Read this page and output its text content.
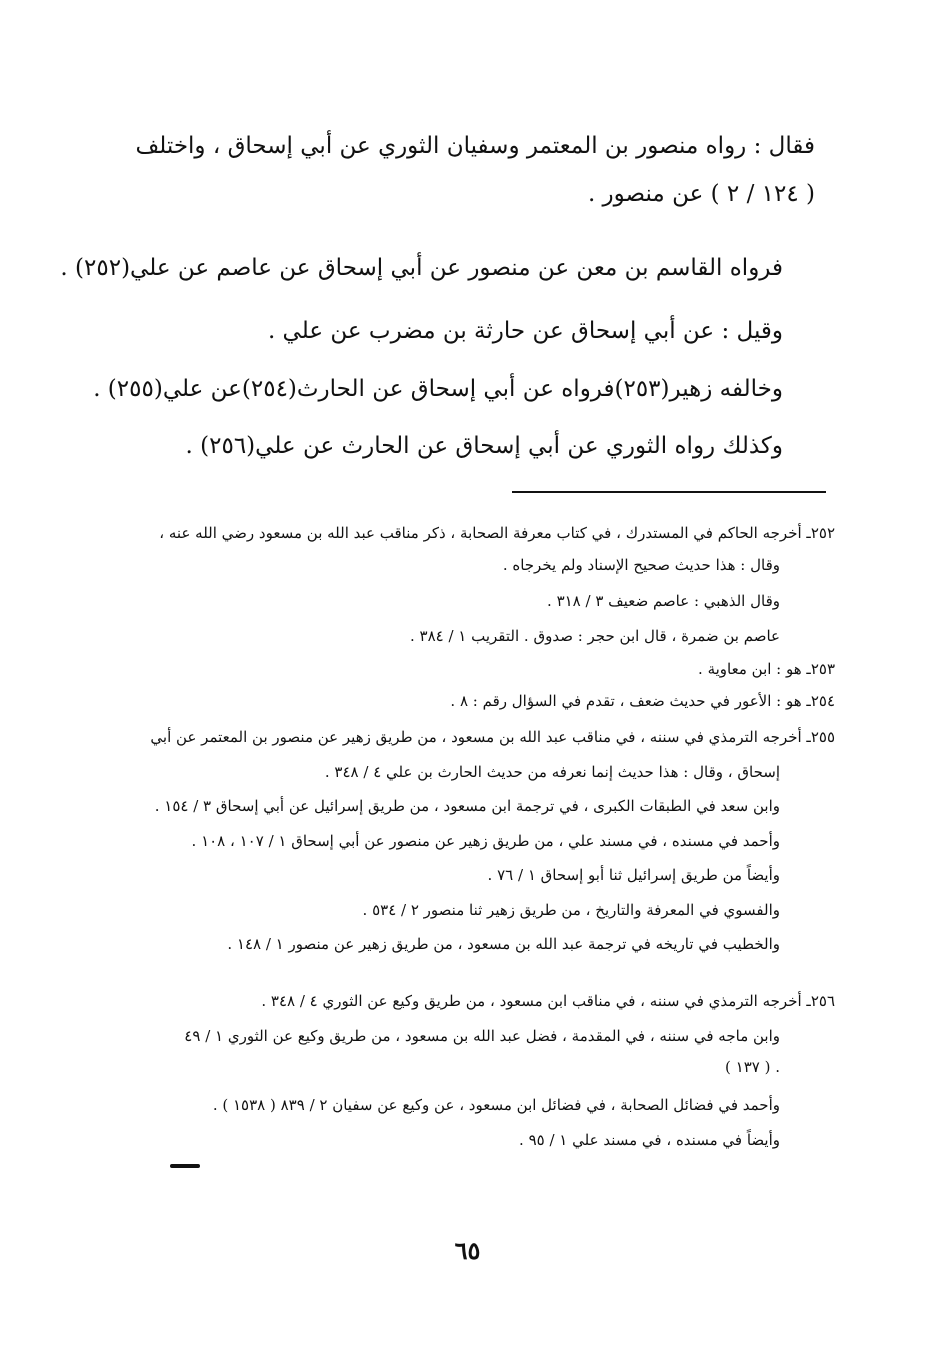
فقال : رواه منصور بن المعتمر وسفيان الثوري عن أبي إسحاق ، واختلف
( ١٢٤ / ٢ ) عن منصور .
فرواه القاسم بن معن عن منصور عن أبي إسحاق عن عاصم عن علي(٢٥٢) .
وقيل : عن أبي إسحاق عن حارثة بن مضرب عن علي .
وخالفه زهير(٢٥٣)فرواه عن أبي إسحاق عن الحارث(٢٥٤)عن علي(٢٥٥) .
وكذلك رواه الثوري عن أبي إسحاق عن الحارث عن علي(٢٥٦) .
٢٥٢ـ أخرجه الحاكم في المستدرك ، في كتاب معرفة الصحابة ، ذكر مناقب عبد الله بن مسعود رضي الله عنه ،
وقال : هذا حديث صحيح الإسناد ولم يخرجاه .
وقال الذهبي : عاصم ضعيف ٣ / ٣١٨ .
عاصم بن ضمرة ، قال ابن حجر : صدوق . التقريب ١ / ٣٨٤ .
٢٥٣ـ هو : ابن معاوية .
٢٥٤ـ هو : الأعور في حديث ضعف ، تقدم في السؤال رقم : ٨ .
٢٥٥ـ أخرجه الترمذي في سننه ، في مناقب عبد الله بن مسعود ، من طريق زهير عن منصور بن المعتمر عن أبي
إسحاق ، وقال : هذا حديث إنما نعرفه من حديث الحارث بن علي ٤ / ٣٤٨ .
وابن سعد في الطبقات الكبرى ، في ترجمة ابن مسعود ، من طريق إسرائيل عن أبي إسحاق ٣ / ١٥٤ .
وأحمد في مسنده ، في مسند علي ، من طريق زهير عن منصور عن أبي إسحاق ١ / ١٠٧ ، ١٠٨ .
وأيضاً من طريق إسرائيل ثنا أبو إسحاق ١ / ٧٦ .
والفسوي في المعرفة والتاريخ ، من طريق زهير ثنا منصور ٢ / ٥٣٤ .
والخطيب في تاريخه في ترجمة عبد الله بن مسعود ، من طريق زهير عن منصور ١ / ١٤٨ .
٢٥٦ـ أخرجه الترمذي في سننه ، في مناقب ابن مسعود ، من طريق وكيع عن الثوري ٤ / ٣٤٨ .
وابن ماجه في سننه ، في المقدمة ، فضل عبد الله بن مسعود ، من طريق وكيع عن الثوري ١ / ٤٩
( ١٣٧ ) .
وأحمد في فضائل الصحابة ، في فضائل ابن مسعود ، عن وكيع عن سفيان ٢ / ٨٣٩ ( ١٥٣٨ ) .
وأيضاً في مسنده ، في مسند علي ١ / ٩٥ .
٦٥
